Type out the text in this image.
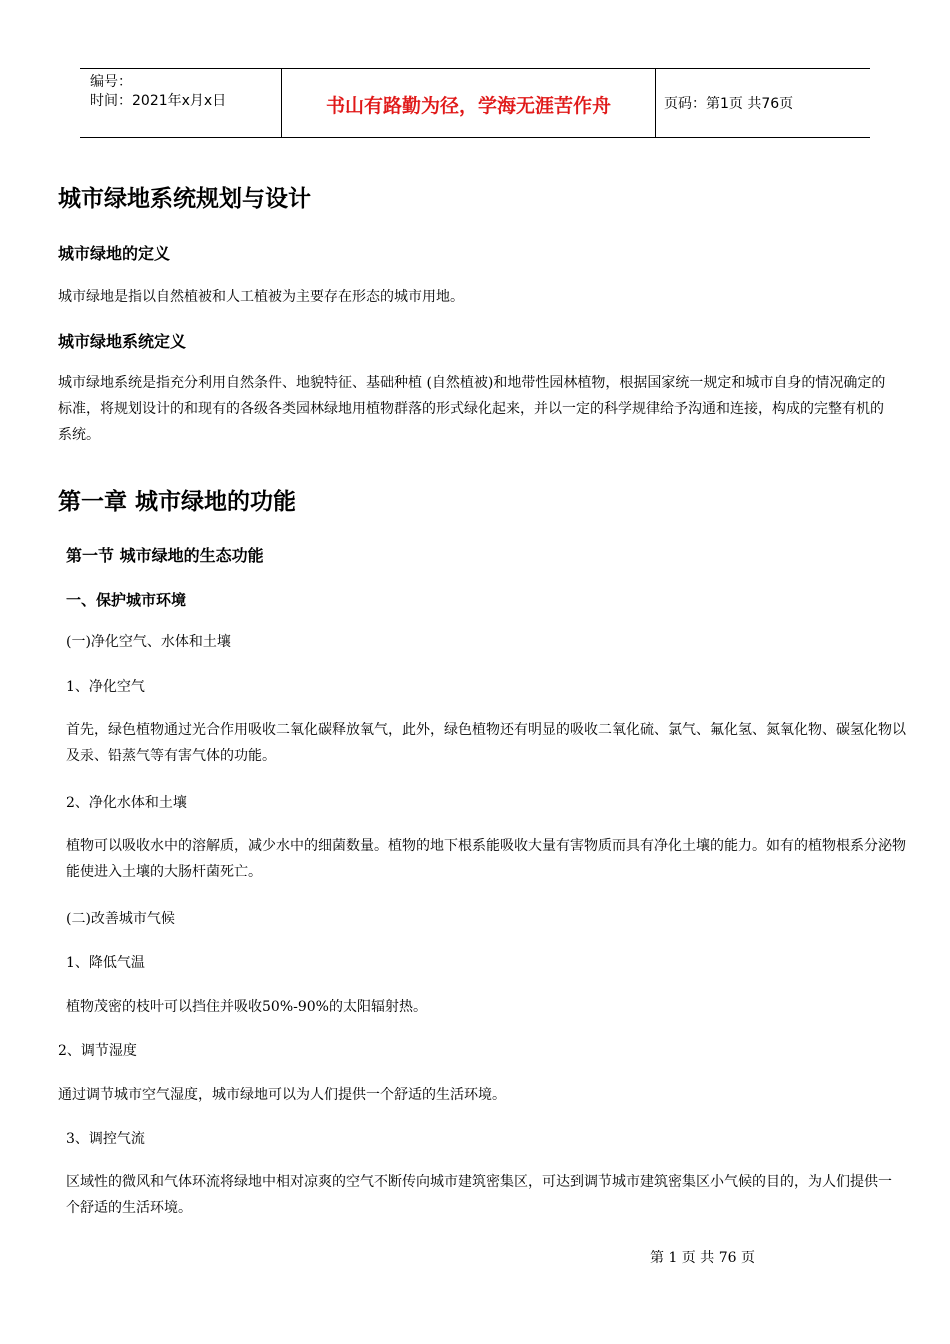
编号：
时间：2021年x月x日	书山有路勤为径，学海无涯苦作舟	页码：第1页 共76页
城市绿地系统规划与设计
城市绿地的定义
城市绿地是指以自然植被和人工植被为主要存在形态的城市用地。
城市绿地系统定义
城市绿地系统是指充分利用自然条件、地貌特征、基础种植 (自然植被)和地带性园林植物，根据国家统一规定和城市自身的情况确定的标准，将规划设计的和现有的各级各类园林绿地用植物群落的形式绿化起来，并以一定的科学规律给予沟通和连接，构成的完整有机的系统。
第一章 城市绿地的功能
第一节 城市绿地的生态功能
一、保护城市环境
(一)净化空气、水体和土壤
1、净化空气
首先，绿色植物通过光合作用吸收二氧化碳释放氧气，此外，绿色植物还有明显的吸收二氧化硫、氯气、氟化氢、氮氧化物、碳氢化物以及汞、铅蒸气等有害气体的功能。
2、净化水体和土壤
植物可以吸收水中的溶解质，减少水中的细菌数量。植物的地下根系能吸收大量有害物质而具有净化土壤的能力。如有的植物根系分泌物能使进入土壤的大肠杆菌死亡。
(二)改善城市气候
1、降低气温
植物茂密的枝叶可以挡住并吸收50%-90%的太阳辐射热。
2、调节湿度
通过调节城市空气湿度，城市绿地可以为人们提供一个舒适的生活环境。
3、调控气流
区域性的微风和气体环流将绿地中相对凉爽的空气不断传向城市建筑密集区，可达到调节城市建筑密集区小气候的目的，为人们提供一个舒适的生活环境。
第 1 页 共 76 页
